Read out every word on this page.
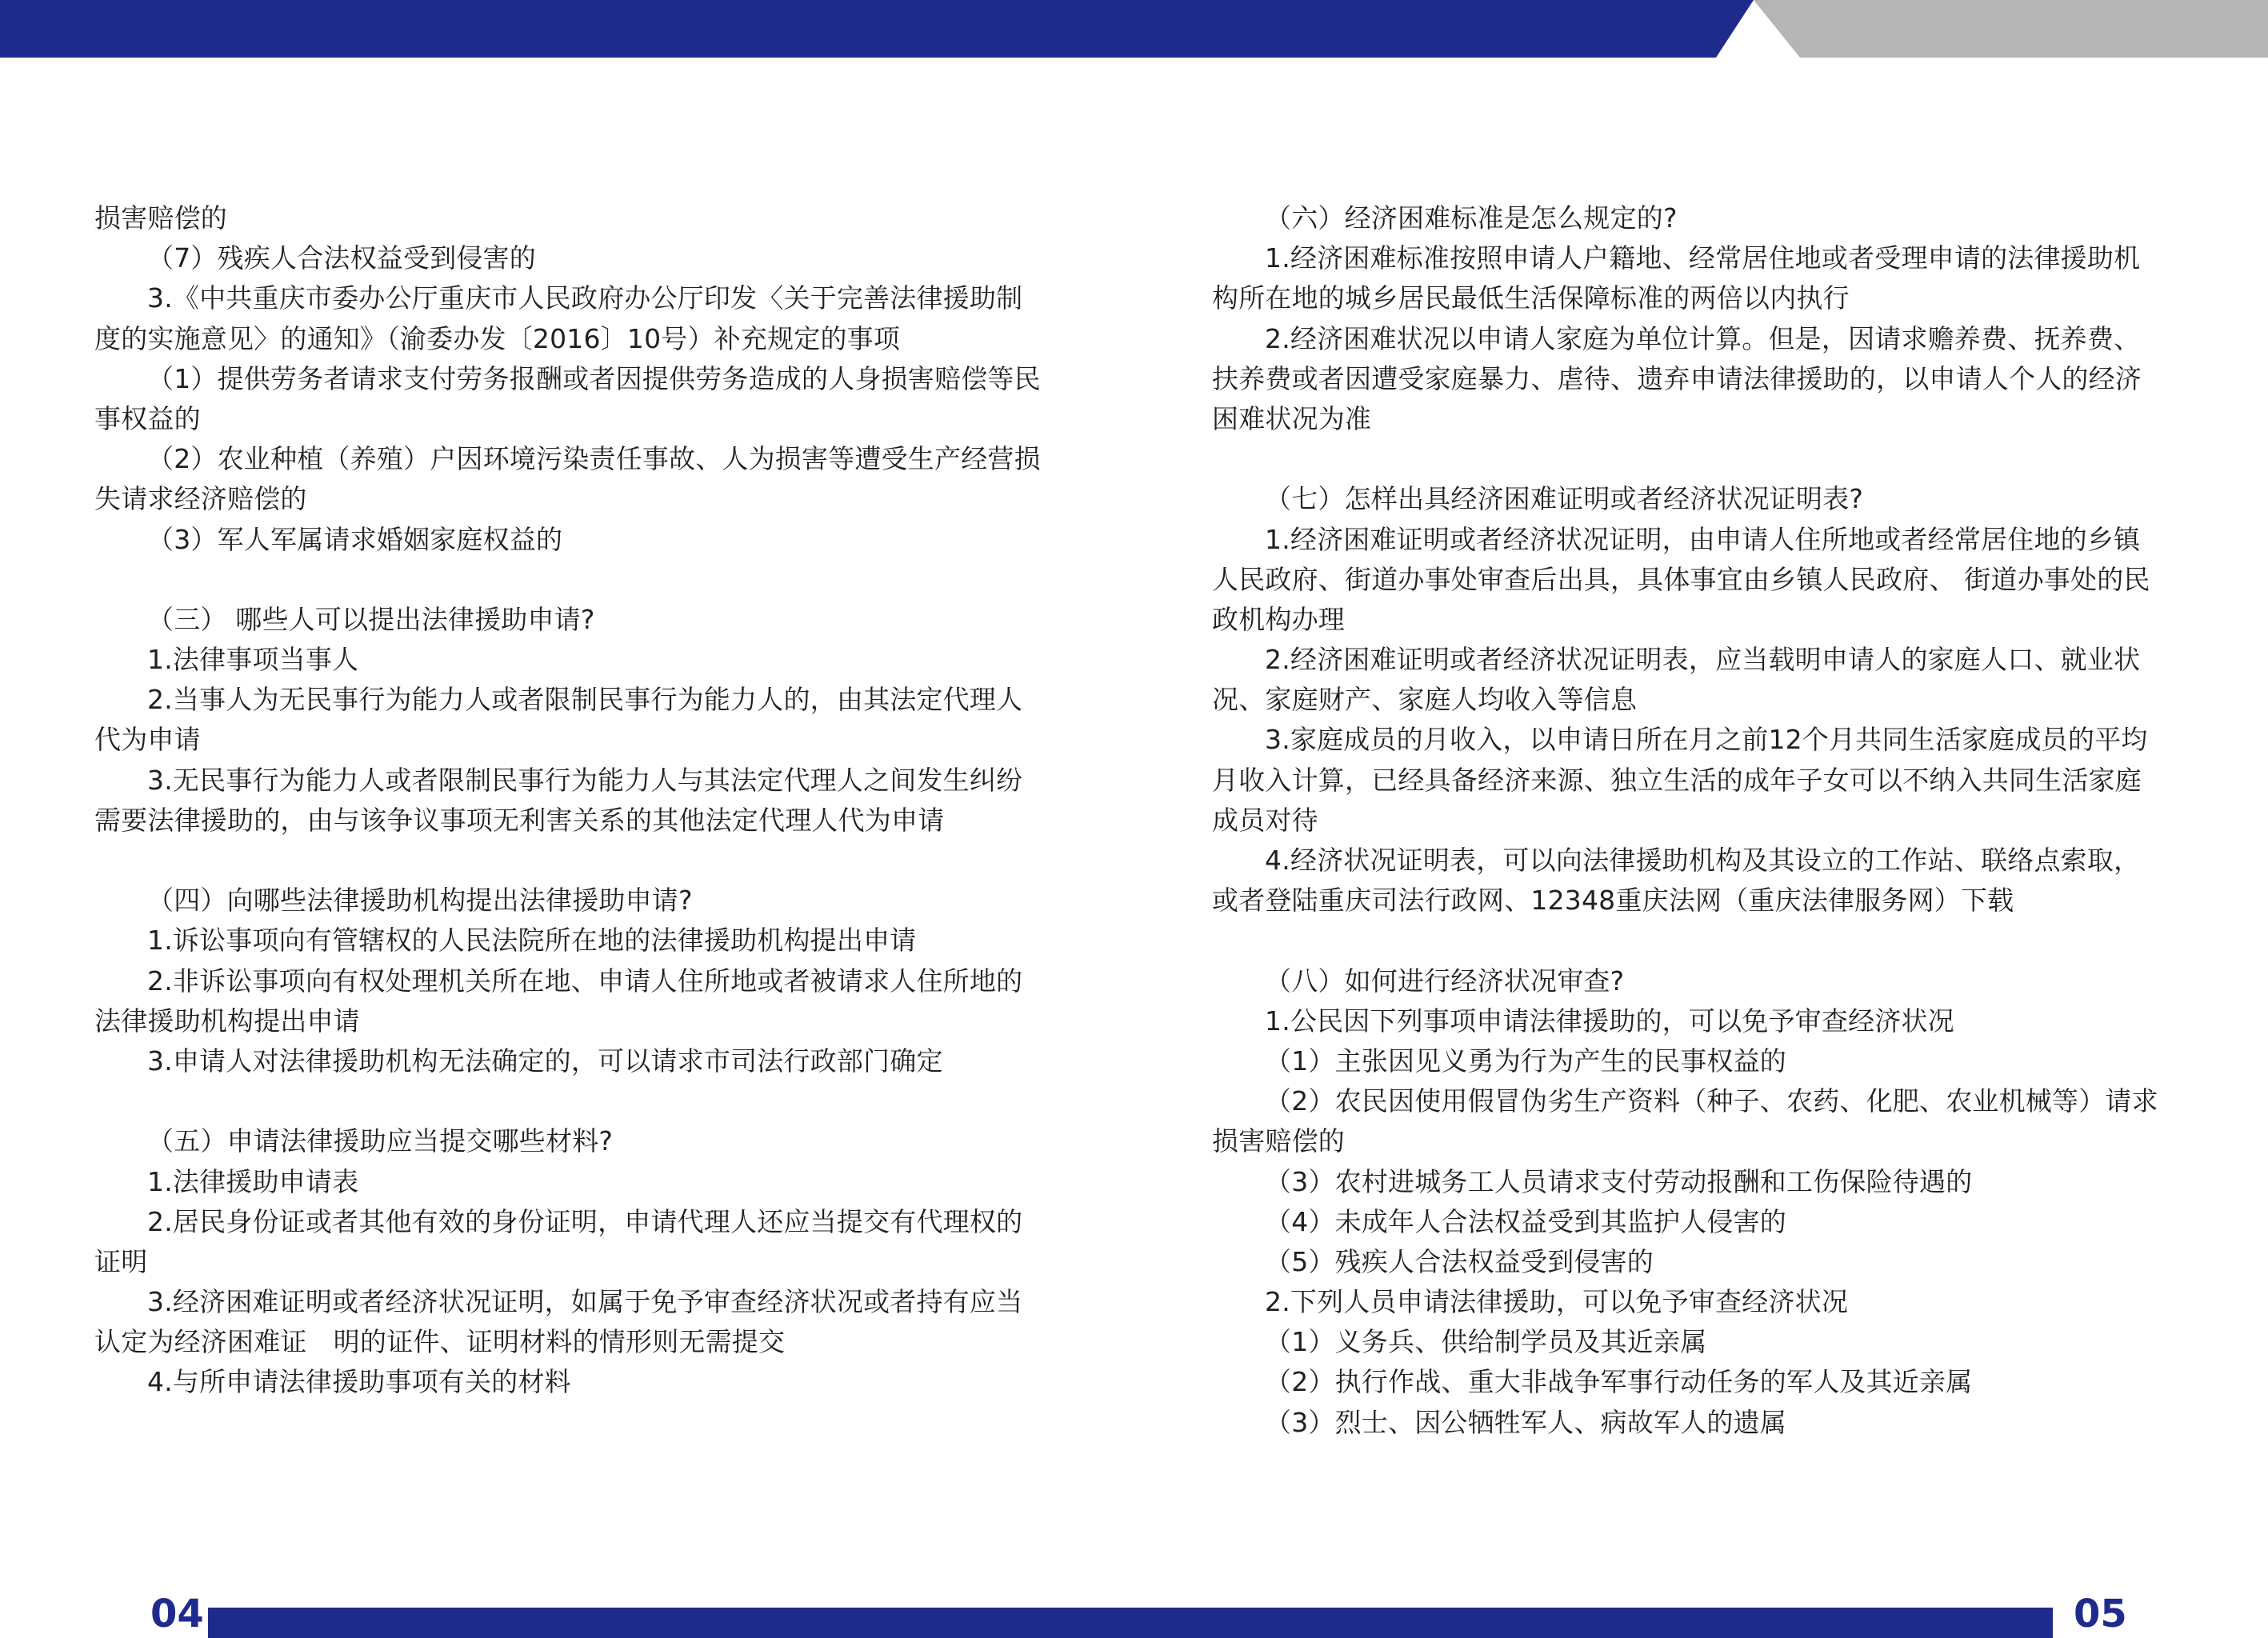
损害赔偿的
（7）残疾人合法权益受到侵害的
3.《中共重庆市委办公厅重庆市人民政府办公厅印发〈关于完善法律援助制
度的实施意见〉的通知》（渝委办发〔2016〕10号）补充规定的事项
（1）提供劳务者请求支付劳务报酬或者因提供劳务造成的人身损害赔偿等民
事权益的
（2）农业种植（养殖）户因环境污染责任事故、人为损害等遭受生产经营损
失请求经济赔偿的
（3）军人军属请求婚姻家庭权益的
（三） 哪些人可以提出法律援助申请?
1.法律事项当事人
2.当事人为无民事行为能力人或者限制民事行为能力人的，由其法定代理人
代为申请
3.无民事行为能力人或者限制民事行为能力人与其法定代理人之间发生纠纷
需要法律援助的，由与该争议事项无利害关系的其他法定代理人代为申请
（四）向哪些法律援助机构提出法律援助申请?
1.诉讼事项向有管辖权的人民法院所在地的法律援助机构提出申请
2.非诉讼事项向有权处理机关所在地、申请人住所地或者被请求人住所地的
法律援助机构提出申请
3.申请人对法律援助机构无法确定的，可以请求市司法行政部门确定
（五）申请法律援助应当提交哪些材料?
1.法律援助申请表
2.居民身份证或者其他有效的身份证明，申请代理人还应当提交有代理权的
证明
3.经济困难证明或者经济状况证明，如属于免予审查经济状况或者持有应当
认定为经济困难证　明的证件、证明材料的情形则无需提交
4.与所申请法律援助事项有关的材料
（六）经济困难标准是怎么规定的?
1.经济困难标准按照申请人户籍地、经常居住地或者受理申请的法律援助机
构所在地的城乡居民最低生活保障标准的两倍以内执行
2.经济困难状况以申请人家庭为单位计算。但是，因请求赡养费、抚养费、
扶养费或者因遭受家庭暴力、虐待、遗弃申请法律援助的，以申请人个人的经济
困难状况为准
（七）怎样出具经济困难证明或者经济状况证明表?
1.经济困难证明或者经济状况证明，由申请人住所地或者经常居住地的乡镇
人民政府、街道办事处审查后出具，具体事宜由乡镇人民政府、 街道办事处的民
政机构办理
2.经济困难证明或者经济状况证明表，应当载明申请人的家庭人口、就业状
况、家庭财产、家庭人均收入等信息
3.家庭成员的月收入，以申请日所在月之前12个月共同生活家庭成员的平均
月收入计算，已经具备经济来源、独立生活的成年子女可以不纳入共同生活家庭
成员对待
4.经济状况证明表，可以向法律援助机构及其设立的工作站、联络点索取，
或者登陆重庆司法行政网、12348重庆法网（重庆法律服务网）下载
（八）如何进行经济状况审查?
1.公民因下列事项申请法律援助的，可以免予审查经济状况
（1）主张因见义勇为行为产生的民事权益的
（2）农民因使用假冒伪劣生产资料（种子、农药、化肥、农业机械等）请求
损害赔偿的
（3）农村进城务工人员请求支付劳动报酬和工伤保险待遇的
（4）未成年人合法权益受到其监护人侵害的
（5）残疾人合法权益受到侵害的
2.下列人员申请法律援助，可以免予审查经济状况
（1）义务兵、供给制学员及其近亲属
（2）执行作战、重大非战争军事行动任务的军人及其近亲属
（3）烈士、因公牺牲军人、病故军人的遗属
04	05
